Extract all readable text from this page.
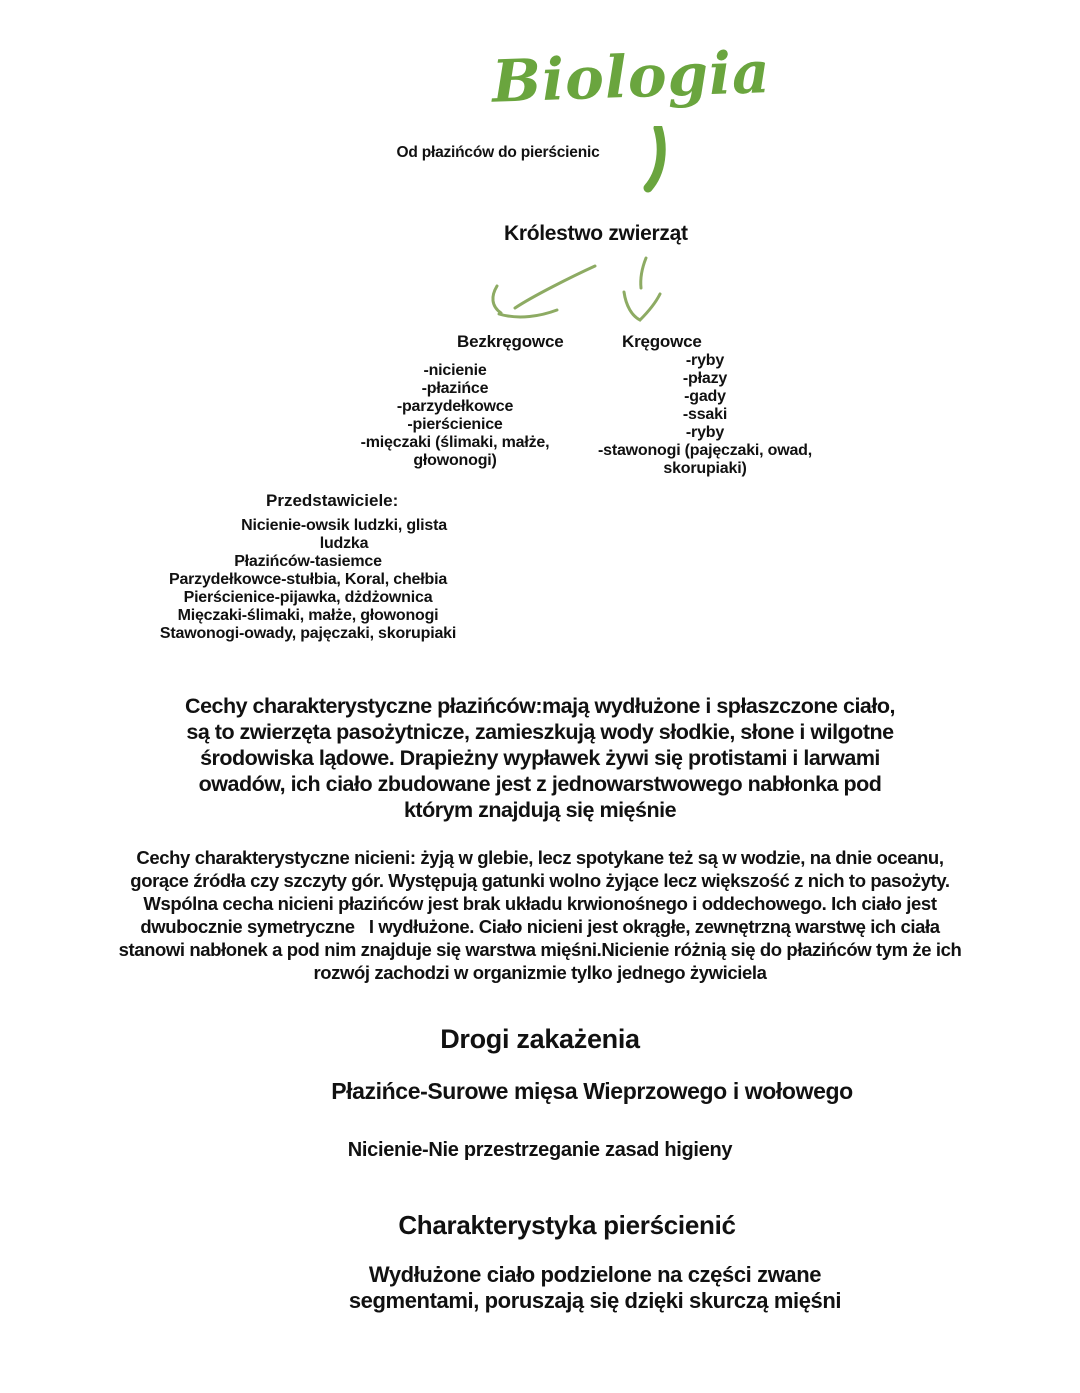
Biologia
Od płazińców do pierścienic
Królestwo zwierząt
Bezkręgowce
-nicienie
-płazińce
-parzydełkowce
-pierścienice
-mięczaki (ślimaki, małże,
głowonogi)
Kręgowce
-ryby
-płazy
-gady
-ssaki
-ryby
-stawonogi (pajęczaki, owad,
skorupiaki)
Przedstawiciele:
Nicienie-owsik ludzki, glista
ludzka
Płazińców-tasiemce
Parzydełkowce-stułbia, Koral, chełbia
Pierścienice-pijawka, dżdżownica
Mięczaki-ślimaki, małże, głowonogi
Stawonogi-owady, pajęczaki, skorupiaki
Cechy charakterystyczne płazińców:mają wydłużone i spłaszczone ciało,
są to zwierzęta pasożytnicze, zamieszkują wody słodkie, słone i wilgotne
środowiska lądowe. Drapieżny wypławek żywi się protistami i larwami
owadów, ich ciało zbudowane jest z jednowarstwowego nabłonka pod
którym znajdują się mięśnie
Cechy charakterystyczne nicieni: żyją w glebie, lecz spotykane też są w wodzie, na dnie oceanu,
gorące źródła czy szczyty gór. Występują gatunki wolno żyjące lecz większość z nich to pasożyty.
Wspólna cecha nicieni płazińców jest brak układu krwionośnego i oddechowego. Ich ciało jest
dwubocznie symetryczne   I wydłużone. Ciało nicieni jest okrągłe, zewnętrzną warstwę ich ciała
stanowi nabłonek a pod nim znajduje się warstwa mięśni.Nicienie różnią się do płazińców tym że ich
rozwój zachodzi w organizmie tylko jednego żywiciela
Drogi zakażenia
Płazińce-Surowe mięsa Wieprzowego i wołowego
Nicienie-Nie przestrzeganie zasad higieny
Charakterystyka pierścienić
Wydłużone ciało podzielone na części zwane
segmentami, poruszają się dzięki skurczą mięśni
